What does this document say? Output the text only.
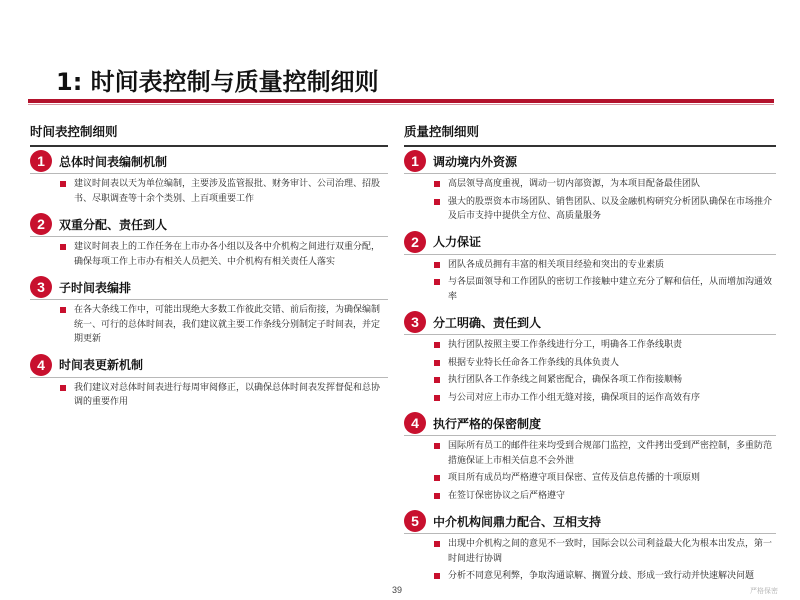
1: 时间表控制与质量控制细则
时间表控制细则
1	总体时间表编制机制
建议时间表以天为单位编制，主要涉及监管报批、财务审计、公司治理、招股书、尽职调查等十余个类别、上百项重要工作
2	双重分配、责任到人
建议时间表上的工作任务在上市办各小组以及各中介机构之间进行双重分配，确保每项工作上市办有相关人员把关、中介机构有相关责任人落实
3	子时间表编排
在各大条线工作中，可能出现绝大多数工作彼此交错、前后衔接，为确保编制统一、可行的总体时间表，我们建议就主要工作条线分别制定子时间表，并定期更新
4	时间表更新机制
我们建议对总体时间表进行每周审阅修正，以确保总体时间表发挥督促和总协调的重要作用
质量控制细则
1	调动境内外资源
高层领导高度重视，调动一切内部资源，为本项目配备最佳团队
强大的股票资本市场团队、销售团队、以及金融机构研究分析团队确保在市场推介及后市支持中提供全方位、高质量服务
2	人力保证
团队各成员拥有丰富的相关项目经验和突出的专业素质
与各层面领导和工作团队的密切工作接触中建立充分了解和信任，从而增加沟通效率
3	分工明确、责任到人
执行团队按照主要工作条线进行分工，明确各工作条线职责
根据专业特长任命各工作条线的具体负责人
执行团队各工作条线之间紧密配合，确保各项工作衔接顺畅
与公司对应上市办工作小组无缝对接，确保项目的运作高效有序
4	执行严格的保密制度
国际所有员工的邮件往来均受到合规部门监控，文件拷出受到严密控制，多重防范措施保证上市相关信息不会外泄
项目所有成员均严格遵守项目保密、宣传及信息传播的十项原则
在签订保密协议之后严格遵守
5	中介机构间鼎力配合、互相支持
出现中介机构之间的意见不一致时，国际会以公司利益最大化为根本出发点，第一时间进行协调
分析不同意见利弊，争取沟通谅解、搁置分歧、形成一致行动并快速解决问题
39	严格保密
